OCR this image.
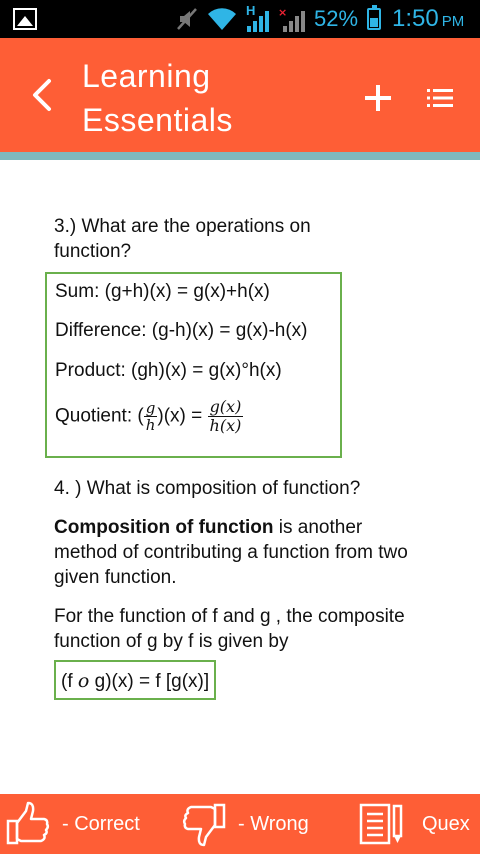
H × 52% 1:50 PM
Learning Essentials
3.) What are the operations on function?
Sum: (g+h)(x) = g(x)+h(x)
Difference: (g-h)(x) = g(x)-h(x)
Product: (gh)(x) = g(x)°h(x)
Quotient: ( $\frac{g}{h} )(x) = \frac{g(x)}{h(x)}$
4. ) What is composition of function?
Composition of function is another method of contributing a function from two given function.
For the function of f and g , the composite function of g by f is given by
(f o g)(x) = f [g(x)]
- Correct	- Wrong	Quex
